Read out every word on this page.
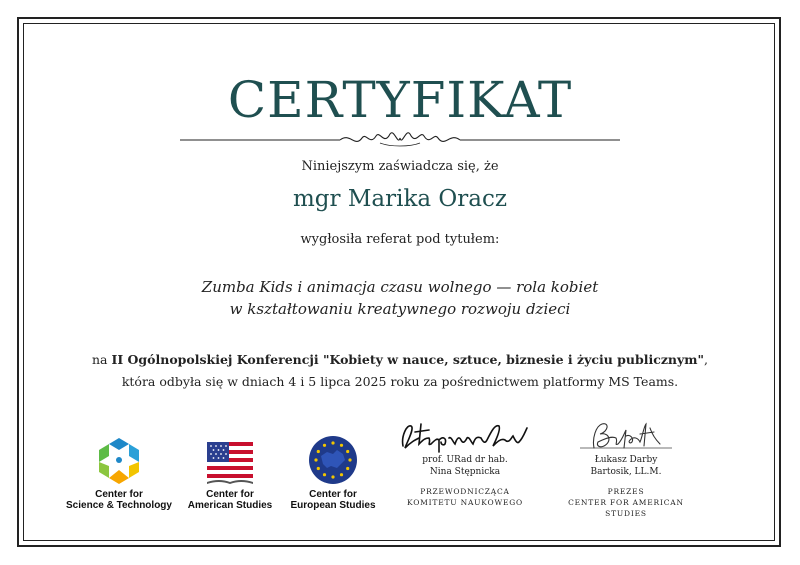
CERTYFIKAT
Niniejszym zaświadcza się, że
mgr Marika Oracz
wygłosiła referat pod tytułem:
Zumba Kids i animacja czasu wolnego — rola kobiet
w kształtowaniu kreatywnego rozwoju dzieci
na II Ogólnopolskiej Konferencji "Kobiety w nauce, sztuce, biznesie i życiu publicznym",
która odbyła się w dniach 4 i 5 lipca 2025 roku za pośrednictwem platformy MS Teams.
Center for
Science & Technology
Center for
American Studies
Center for
European Studies
prof. URad dr hab.
Nina Stępnicka
PRZEWODNICZĄCA
KOMITETU NAUKOWEGO
Łukasz Darby
Bartosik, LL.M.
PREZES
CENTER FOR AMERICAN STUDIES
